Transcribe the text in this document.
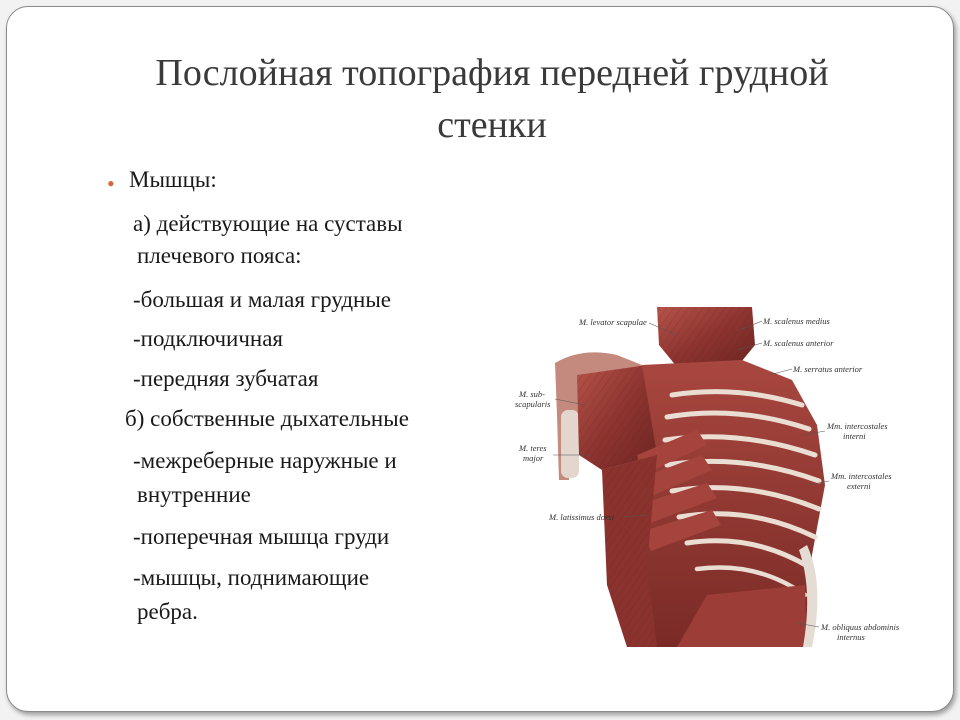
Послойная топография передней грудной
стенки
• Мышцы:
а) действующие на суставы
плечевого пояса:
-большая и малая грудные
-подключичная
-передняя зубчатая
б) собственные дыхательные
-межреберные наружные и
внутренние
-поперечная мышца груди
-мышцы, поднимающие
ребра.
M. levator scapulae	M. scalenus medius
M. scalenus anterior
M. serratus anterior
M. sub-
scapularis
M. teres
major
Mm. intercostales
interni
Mm. intercostales
externi
M. latissimus dorsi
M. obliquus abdominis
internus
